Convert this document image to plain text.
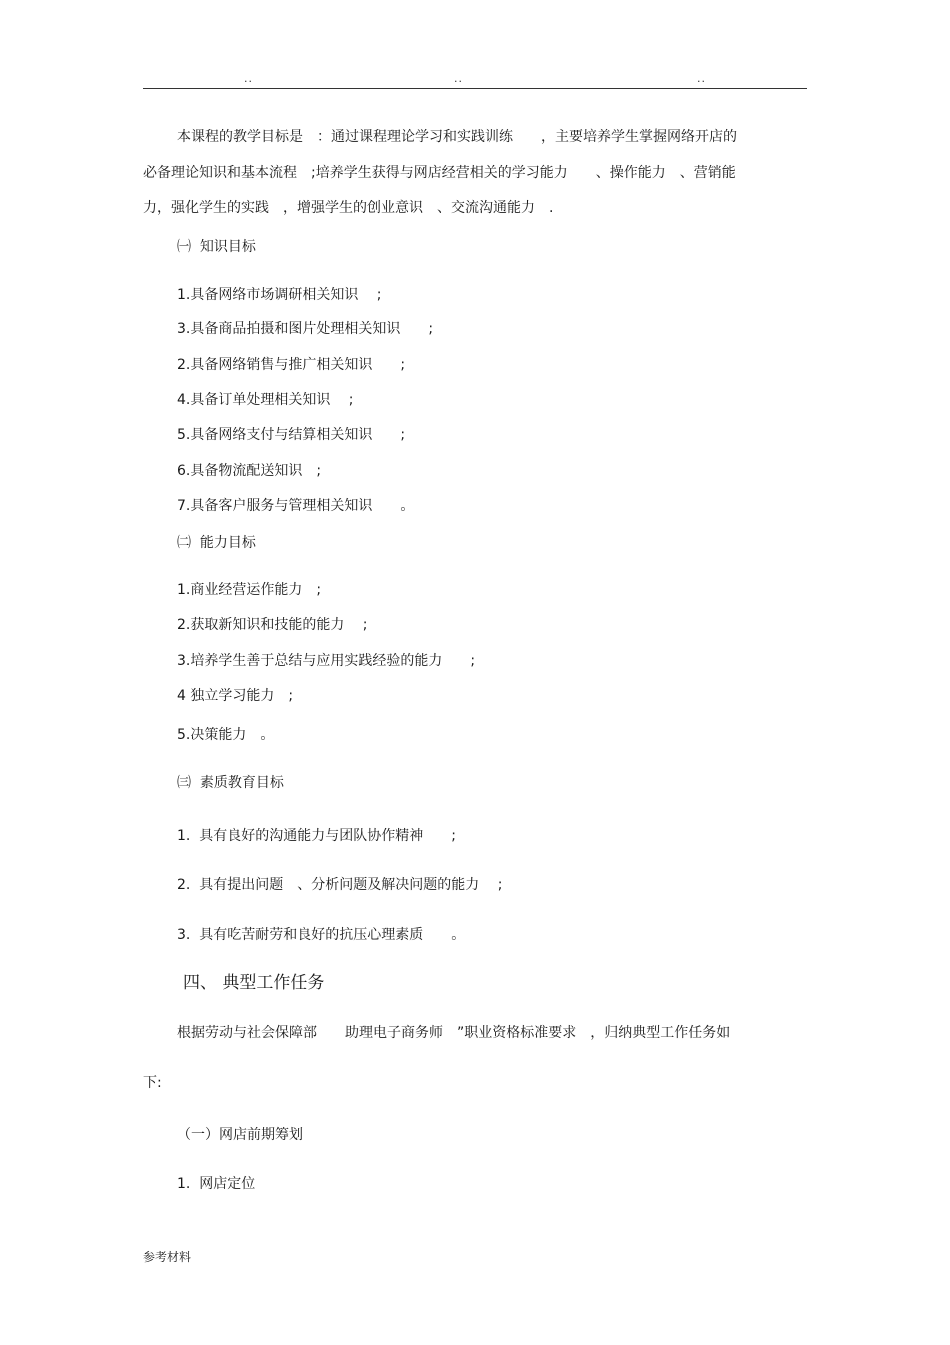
..	..	..
本课程的教学目标是　：通过课程理论学习和实践训练　　，主要培养学生掌握网络开店的
必备理论知识和基本流程　;培养学生获得与网店经营相关的学习能力　　、操作能力　、营销能
力，强化学生的实践　，增强学生的创业意识　、交流沟通能力　.
㈠  知识目标
1.具备网络市场调研相关知识　 ;
3.具备商品拍摄和图片处理相关知识　　;
2.具备网络销售与推广相关知识　　;
4.具备订单处理相关知识　 ;
5.具备网络支付与结算相关知识　　;
6.具备物流配送知识　;
7.具备客户服务与管理相关知识　　。
㈡  能力目标
1.商业经营运作能力　;
2.获取新知识和技能的能力　 ;
3.培养学生善于总结与应用实践经验的能力　　;
4 独立学习能力　;
5.决策能力　。
㈢  素质教育目标
1.  具有良好的沟通能力与团队协作精神　　;
2.  具有提出问题　、分析问题及解决问题的能力　 ;
3.  具有吃苦耐劳和良好的抗压心理素质　　。
四、 典型工作任务
根据劳动与社会保障部　　助理电子商务师　”职业资格标准要求　，归纳典型工作任务如
下:
（一）网店前期筹划
1.  网店定位
参考材料
